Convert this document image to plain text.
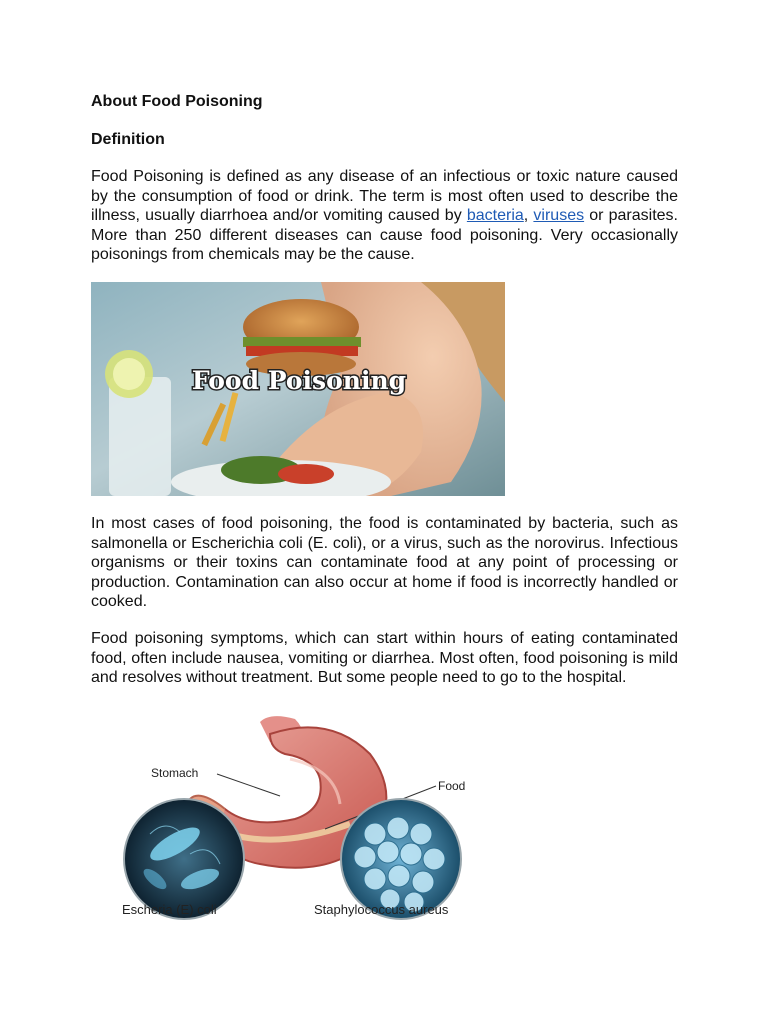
About Food Poisoning
Definition

Food Poisoning is defined as any disease of an infectious or toxic nature caused by the consumption of food or drink. The term is most often used to describe the illness, usually diarrhoea and/or vomiting caused by bacteria, viruses or parasites. More than 250 different diseases can cause food poisoning. Very occasionally poisonings from chemicals may be the cause.

Food Poisoning

In most cases of food poisoning, the food is contaminated by bacteria, such as salmonella or Escherichia coli (E. coli), or a virus, such as the norovirus. Infectious organisms or their toxins can contaminate food at any point of processing or production. Contamination can also occur at home if food is incorrectly handled or cooked.

Food poisoning symptoms, which can start within hours of eating contaminated food, often include nausea, vomiting or diarrhea. Most often, food poisoning is mild and resolves without treatment. But some people need to go to the hospital.

Stomach
Food
Escheria (E) coli	Staphylococcus aureus
